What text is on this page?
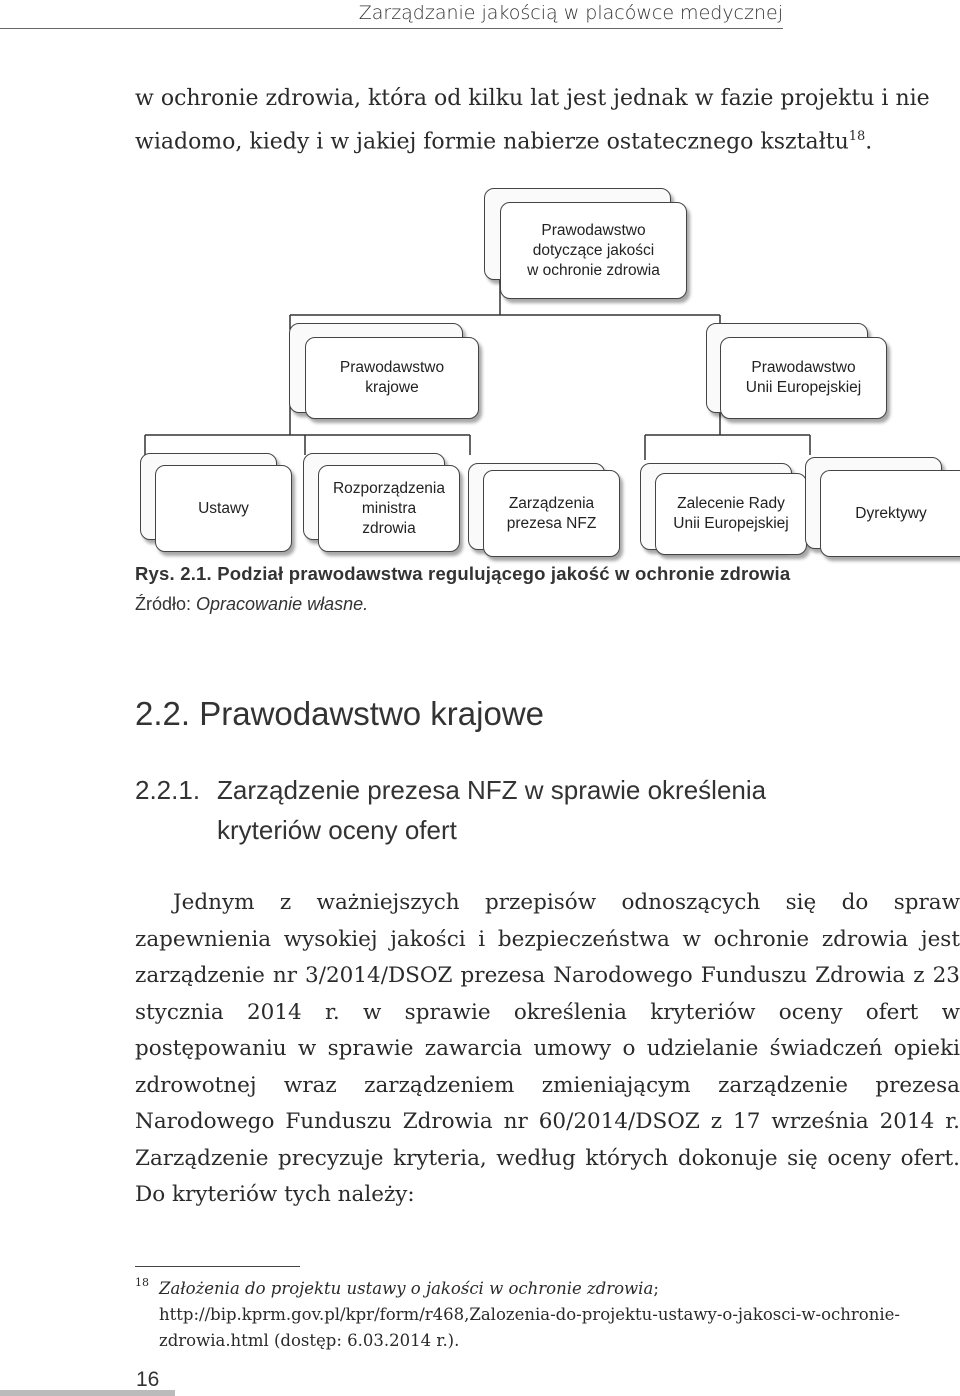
Zarządzanie jakością w placówce medycznej
w ochronie zdrowia, która od kilku lat jest jednak w fazie projektu i nie
wiadomo, kiedy i w jakiej formie nabierze ostatecznego kształtu$^{18}$.
Prawodawstwo
dotyczące jakości
w ochronie zdrowia
Prawodawstwo
krajowe
Prawodawstwo
Unii Europejskiej
Ustawy
Rozporządzenia
ministra
zdrowia
Zarządzenia
prezesa NFZ
Zalecenie Rady
Unii Europejskiej
Dyrektywy
Rys. 2.1. Podział prawodawstwa regulującego jakość w ochronie zdrowia
Źródło: Opracowanie własne.
2.2. Prawodawstwo krajowe
2.2.1. Zarządzenie prezesa NFZ w sprawie określenia
kryteriów oceny ofert
Jednym z ważniejszych przepisów odnoszących się do spraw zapewnienia wysokiej jakości i bezpieczeństwa w ochronie zdrowia jest zarządzenie nr 3/2014/DSOZ prezesa Narodowego Funduszu Zdrowia z 23 stycznia 2014 r. w sprawie określenia kryteriów oceny ofert w postępowaniu w sprawie zawarcia umowy o udzielanie świadczeń opieki zdrowotnej wraz zarządzeniem zmieniającym zarządzenie prezesa Narodowego Funduszu Zdrowia nr 60/2014/DSOZ z 17 września 2014 r. Zarządzenie precyzuje kryteria, według których dokonuje się oceny ofert. Do kryteriów tych należy:
18 Założenia do projektu ustawy o jakości w ochronie zdrowia; http://bip.kprm.gov.pl/kpr/form/r468,Zalozenia-do-projektu-ustawy-o-jakosci-w-ochronie-zdrowia.html (dostęp: 6.03.2014 r.).
16
